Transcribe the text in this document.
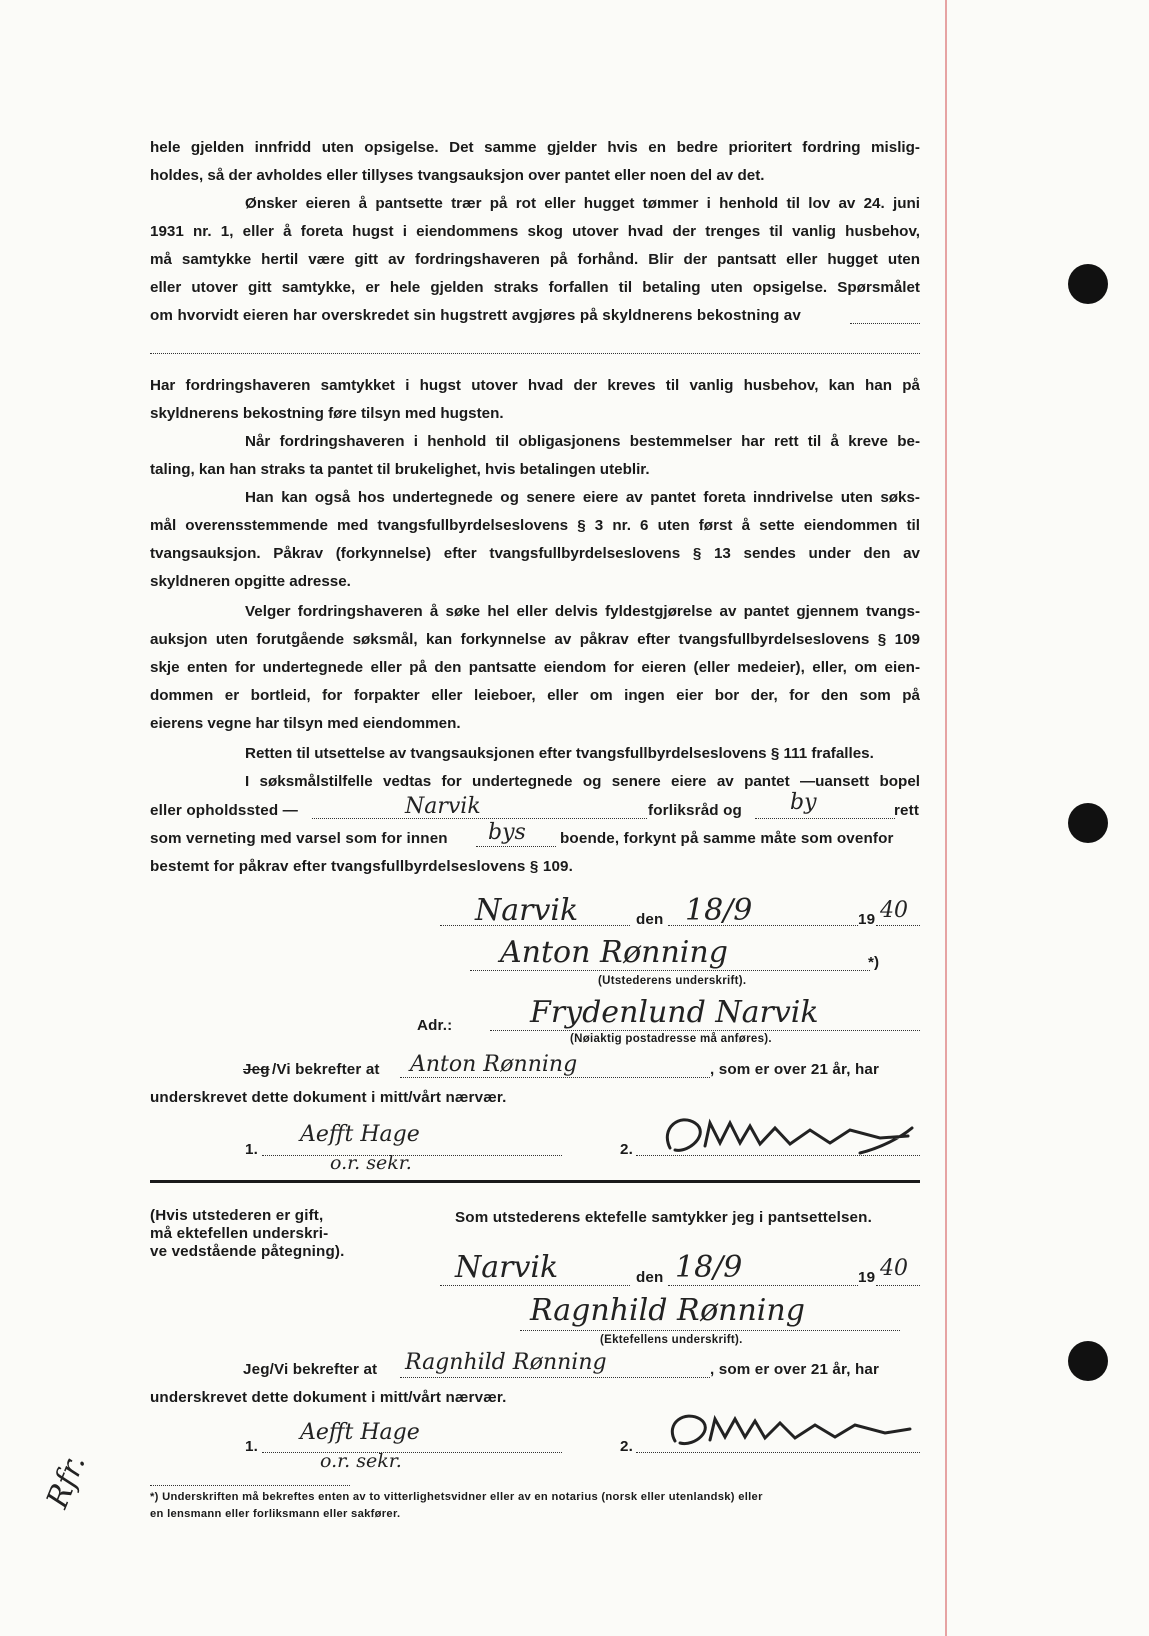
hele gjelden innfridd uten opsigelse. Det samme gjelder hvis en bedre prioritert fordring mislig-
holdes, så der avholdes eller tillyses tvangsauksjon over pantet eller noen del av det.
Ønsker eieren å pantsette trær på rot eller hugget tømmer i henhold til lov av 24. juni
1931 nr. 1, eller å foreta hugst i eiendommens skog utover hvad der trenges til vanlig husbehov,
må samtykke hertil være gitt av fordringshaveren på forhånd. Blir der pantsatt eller hugget uten
eller utover gitt samtykke, er hele gjelden straks forfallen til betaling uten opsigelse. Spørsmålet
om hvorvidt eieren har overskredet sin hugstrett avgjøres på skyldnerens bekostning av
Har fordringshaveren samtykket i hugst utover hvad der kreves til vanlig husbehov, kan han på
skyldnerens bekostning føre tilsyn med hugsten.
Når fordringshaveren i henhold til obligasjonens bestemmelser har rett til å kreve be-
taling, kan han straks ta pantet til brukelighet, hvis betalingen uteblir.
Han kan også hos undertegnede og senere eiere av pantet foreta inndrivelse uten søks-
mål overensstemmende med tvangsfullbyrdelseslovens § 3 nr. 6 uten først å sette eiendommen til
tvangsauksjon. Påkrav (forkynnelse) efter tvangsfullbyrdelseslovens § 13 sendes under den av
skyldneren opgitte adresse.
Velger fordringshaveren å søke hel eller delvis fyldestgjørelse av pantet gjennem tvangs-
auksjon uten forutgående søksmål, kan forkynnelse av påkrav efter tvangsfullbyrdelseslovens § 109
skje enten for undertegnede eller på den pantsatte eiendom for eieren (eller medeier), eller, om eien-
dommen er bortleid, for forpakter eller leieboer, eller om ingen eier bor der, for den som på
eierens vegne har tilsyn med eiendommen.
Retten til utsettelse av tvangsauksjonen efter tvangsfullbyrdelseslovens § 111 frafalles.
I søksmålstilfelle vedtas for undertegnede og senere eiere av pantet —uansett bopel
eller opholdssted —	Narvik	forliksråd og by	rett
som verneting med varsel som for innen bys boende, forkynt på samme måte som ovenfor
bestemt for påkrav efter tvangsfullbyrdelseslovens § 109.
Narvik	den 18/9	19 40
Anton Rønning	*)
(Utstederens underskrift).
Adr.:	Frydenlund Narvik
(Nøiaktig postadresse må anføres).
Jeg /Vi bekrefter at Anton Rønning	, som er over 21 år, har
underskrevet dette dokument i mitt/vårt nærvær.
1.
Aefft Hage
o.r. sekr.
2.
(Hvis utstederen er gift,
må ektefellen underskri-
ve vedstående påtegning).
Som utstederens ektefelle samtykker jeg i pantsettelsen.
Narvik	den 18/9	19 40
Ragnhild Rønning
(Ektefellens underskrift).
Jeg/Vi bekrefter at Ragnhild Rønning	, som er over 21 år, har
underskrevet dette dokument i mitt/vårt nærvær.
1.
Aefft Hage
o.r. sekr.
2.
*) Underskriften må bekreftes enten av to vitterlighetsvidner eller av en notarius (norsk eller utenlandsk) eller
en lensmann eller forliksmann eller sakfører.
Rfr.
